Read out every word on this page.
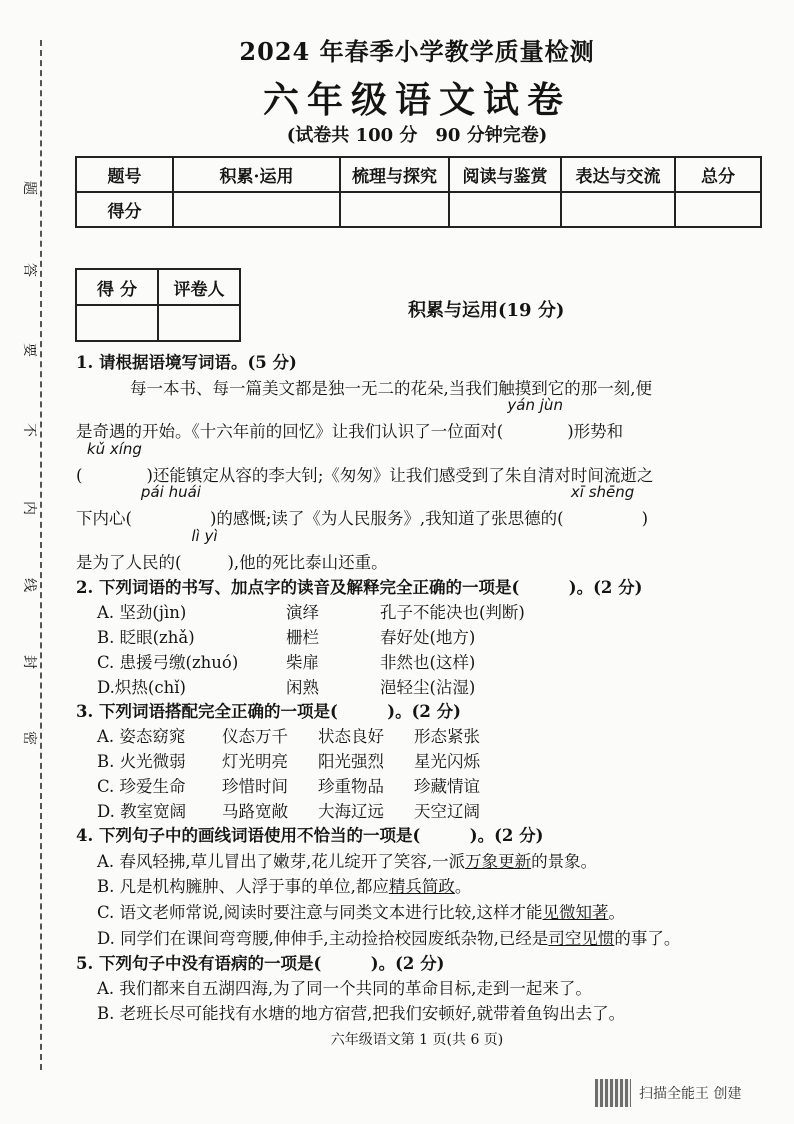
题
答
要
不
内
线
封
密
2024 年春季小学教学质量检测
六年级语文试卷
(试卷共 100 分　90 分钟完卷)
题号	积累·运用	梳理与探究	阅读与鉴赏	表达与交流	总分
得分					
得 分	评卷人

积累与运用(19 分)
1. 请根据语境写词语。(5 分)
每一本书、每一篇美文都是独一无二的花朵,当我们触摸到它的那一刻,便
是奇遇的开始。《十六年前的回忆》让我们认识了一位面对(
yán jùn
)形势和
(
kǔ xíng
)还能镇定从容的李大钊;《匆匆》让我们感受到了朱自清对时间流逝之
下内心(
pái huái
)的感慨;读了《为人民服务》,我知道了张思德的(
xī shēng
)
是为了人民的(
lì yì
),他的死比泰山还重。
2. 下列词语的书写、加点字的读音及解释完全正确的一项是(　　　)。(2 分)
A. 坚劲(jìn)	演绎	孔子不能决也(判断)
B. 眨眼(zhǎ)	栅栏	春好处(地方)
C. 患援弓缴(zhuó)	柴扉	非然也(这样)
D.炽热(chǐ)	闲熟	浥轻尘(沾湿)
3. 下列词语搭配完全正确的一项是(　　　)。(2 分)
A. 姿态窈窕 仪态万千 状态良好 形态紧张
B. 火光微弱 灯光明亮 阳光强烈 星光闪烁
C. 珍爱生命 珍惜时间 珍重物品 珍藏情谊
D. 教室宽阔 马路宽敞 大海辽远 天空辽阔
4. 下列句子中的画线词语使用不恰当的一项是(　　　)。(2 分)
A. 春风轻拂,草儿冒出了嫩芽,花儿绽开了笑容,一派万象更新的景象。
B. 凡是机构臃肿、人浮于事的单位,都应精兵简政。
C. 语文老师常说,阅读时要注意与同类文本进行比较,这样才能见微知著。
D. 同学们在课间弯弯腰,伸伸手,主动捡拾校园废纸杂物,已经是司空见惯的事了。
5. 下列句子中没有语病的一项是(　　　)。(2 分)
A. 我们都来自五湖四海,为了同一个共同的革命目标,走到一起来了。
B. 老班长尽可能找有水塘的地方宿营,把我们安顿好,就带着鱼钩出去了。
六年级语文第 1 页(共 6 页)
扫描全能王 创建
